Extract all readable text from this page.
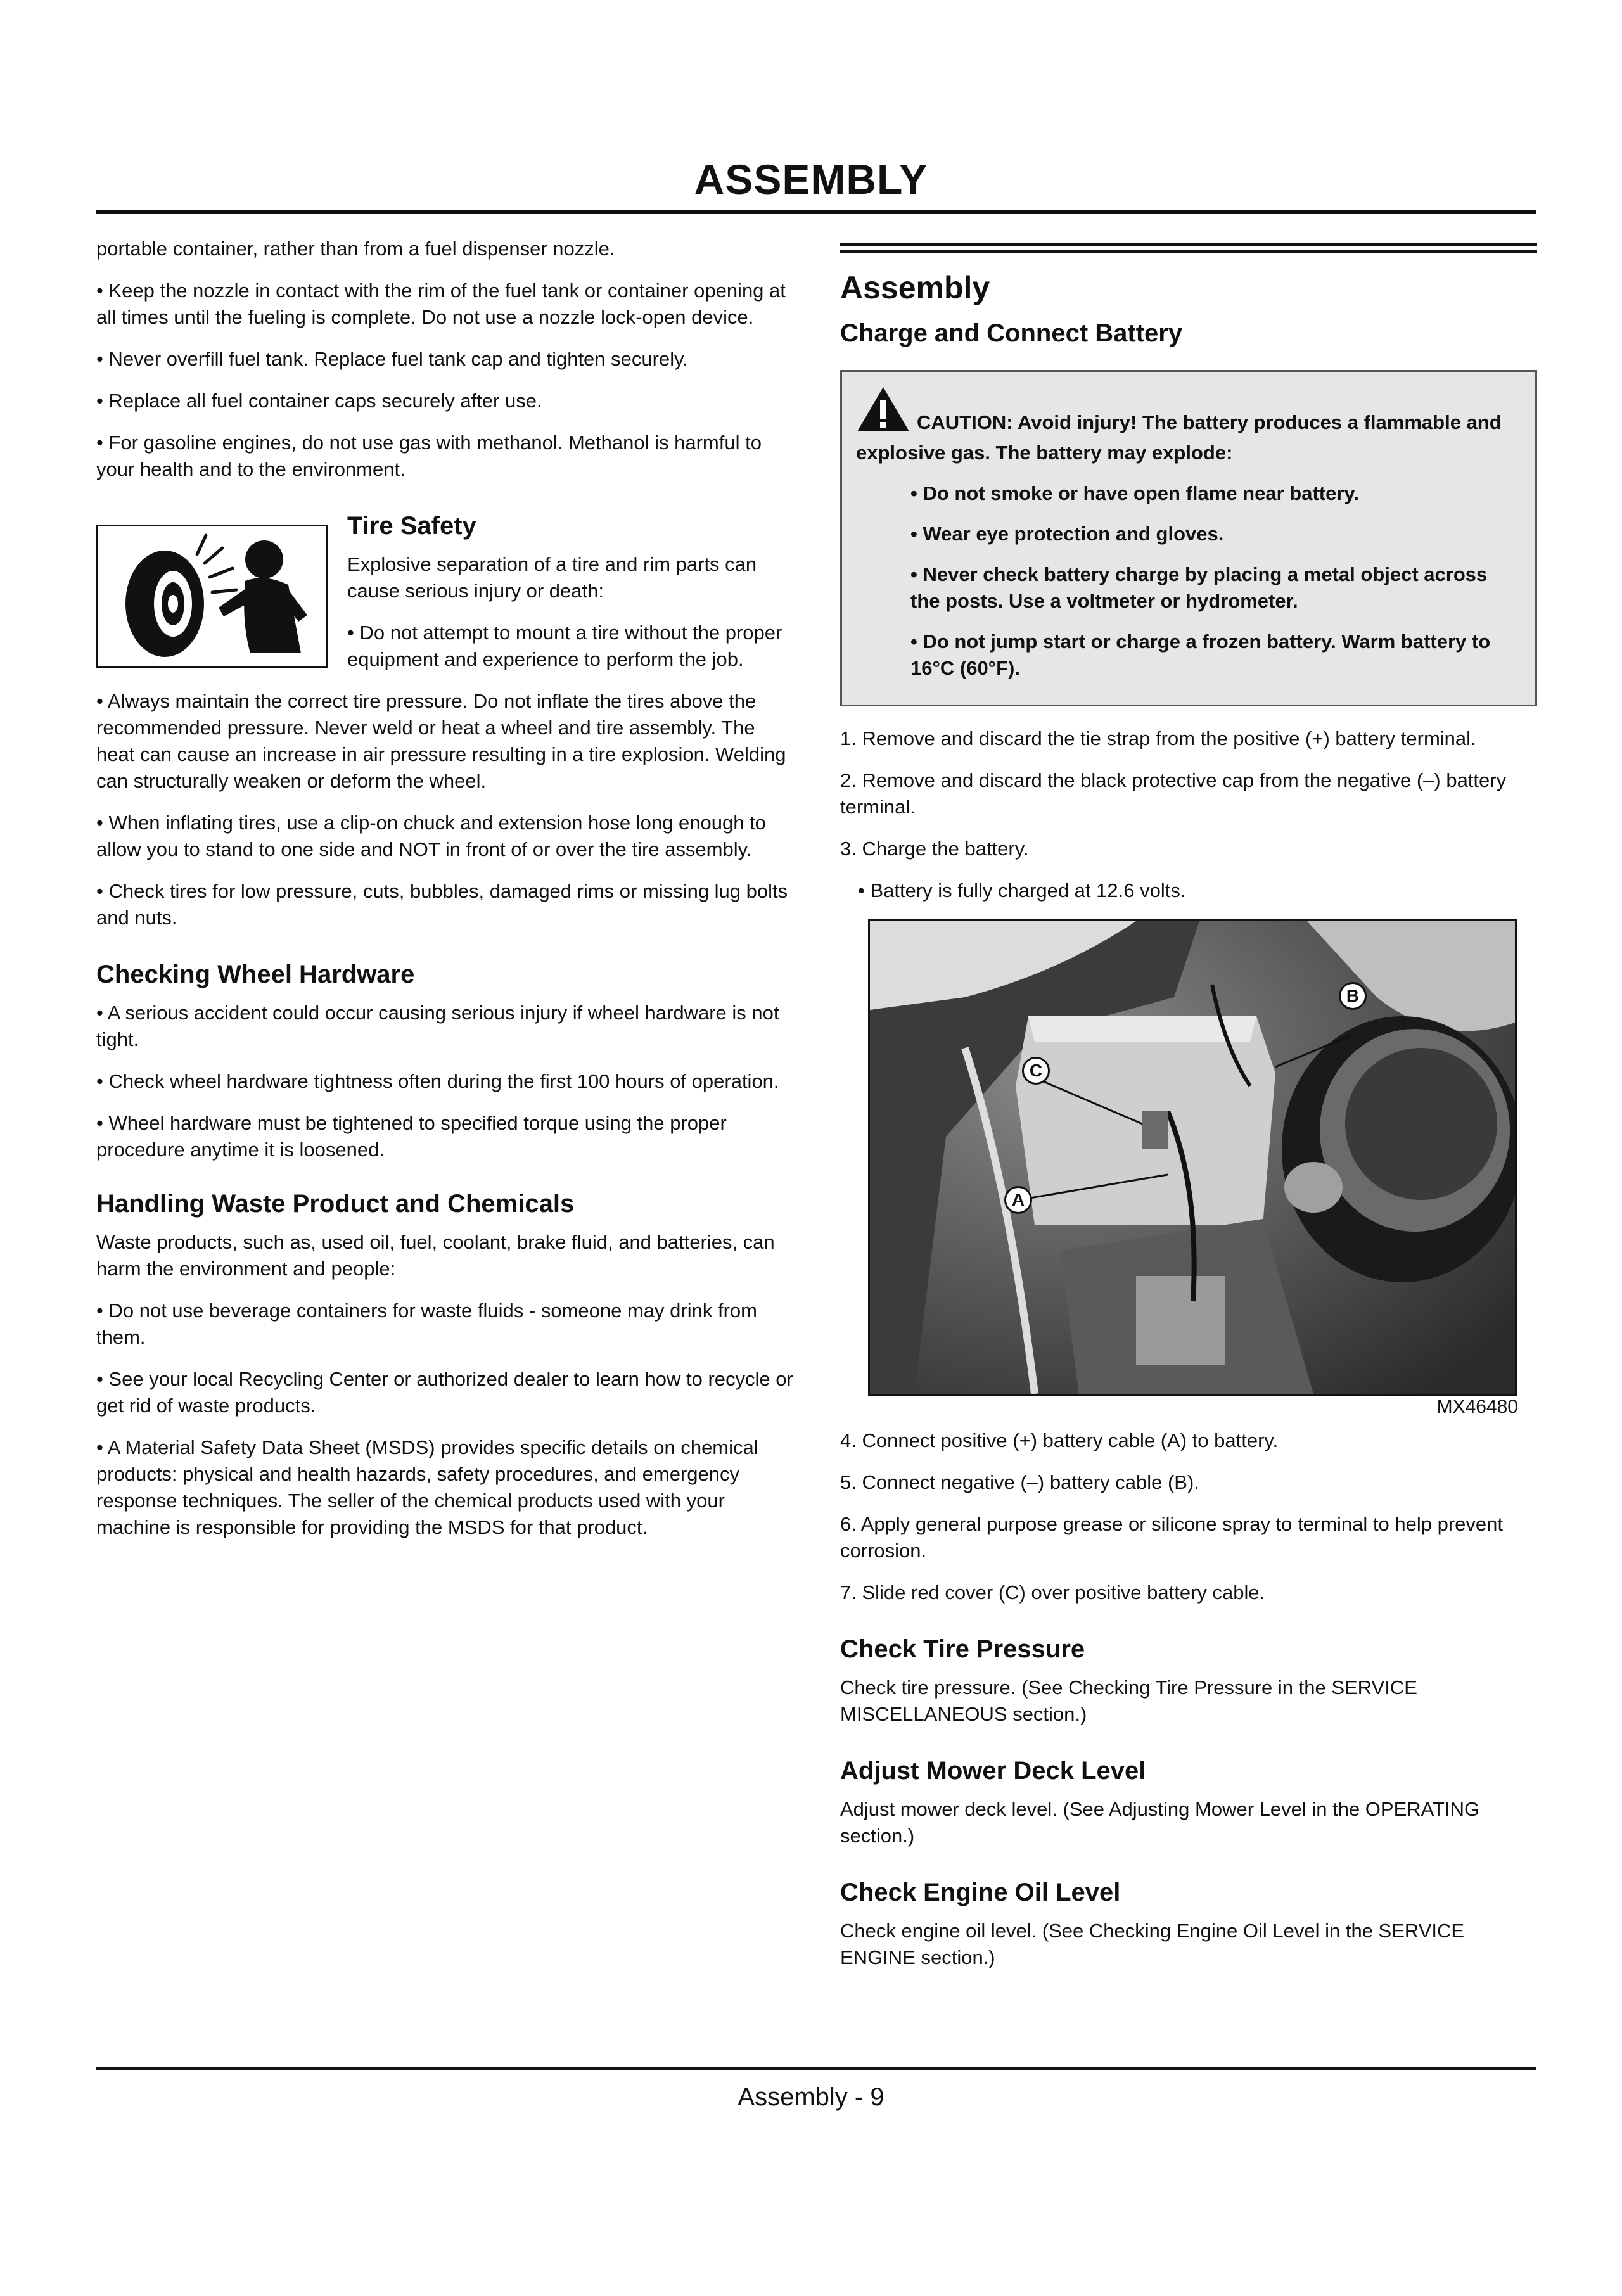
ASSEMBLY

portable container, rather than from a fuel dispenser nozzle.

• Keep the nozzle in contact with the rim of the fuel tank or container opening at all times until the fueling is complete. Do not use a nozzle lock-open device.

• Never overfill fuel tank. Replace fuel tank cap and tighten securely.

• Replace all fuel container caps securely after use.

• For gasoline engines, do not use gas with methanol. Methanol is harmful to your health and to the environment.

Tire Safety

Explosive separation of a tire and rim parts can cause serious injury or death:

• Do not attempt to mount a tire without the proper equipment and experience to perform the job.

• Always maintain the correct tire pressure. Do not inflate the tires above the recommended pressure. Never weld or heat a wheel and tire assembly. The heat can cause an increase in air pressure resulting in a tire explosion. Welding can structurally weaken or deform the wheel.

• When inflating tires, use a clip-on chuck and extension hose long enough to allow you to stand to one side and NOT in front of or over the tire assembly.

• Check tires for low pressure, cuts, bubbles, damaged rims or missing lug bolts and nuts.

Checking Wheel Hardware

• A serious accident could occur causing serious injury if wheel hardware is not tight.

• Check wheel hardware tightness often during the first 100 hours of operation.

• Wheel hardware must be tightened to specified torque using the proper procedure anytime it is loosened.

Handling Waste Product and Chemicals

Waste products, such as, used oil, fuel, coolant, brake fluid, and batteries, can harm the environment and people:

• Do not use beverage containers for waste fluids - someone may drink from them.

• See your local Recycling Center or authorized dealer to learn how to recycle or get rid of waste products.

• A Material Safety Data Sheet (MSDS) provides specific details on chemical products: physical and health hazards, safety procedures, and emergency response techniques. The seller of the chemical products used with your machine is responsible for providing the MSDS for that product.

Assembly
Charge and Connect Battery

CAUTION: Avoid injury! The battery produces a flammable and explosive gas. The battery may explode:

• Do not smoke or have open flame near battery.

• Wear eye protection and gloves.

• Never check battery charge by placing a metal object across the posts. Use a voltmeter or hydrometer.

• Do not jump start or charge a frozen battery. Warm battery to 16°C (60°F).

1. Remove and discard the tie strap from the positive (+) battery terminal.

2. Remove and discard the black protective cap from the negative (–) battery terminal.

3. Charge the battery.

• Battery is fully charged at 12.6 volts.

B
C
A
MX46480

4. Connect positive (+) battery cable (A) to battery.

5. Connect negative (–) battery cable (B).

6. Apply general purpose grease or silicone spray to terminal to help prevent corrosion.

7. Slide red cover (C) over positive battery cable.

Check Tire Pressure

Check tire pressure. (See Checking Tire Pressure in the SERVICE MISCELLANEOUS section.)

Adjust Mower Deck Level

Adjust mower deck level. (See Adjusting Mower Level in the OPERATING section.)

Check Engine Oil Level

Check engine oil level. (See Checking Engine Oil Level in the SERVICE ENGINE section.)

Assembly - 9
